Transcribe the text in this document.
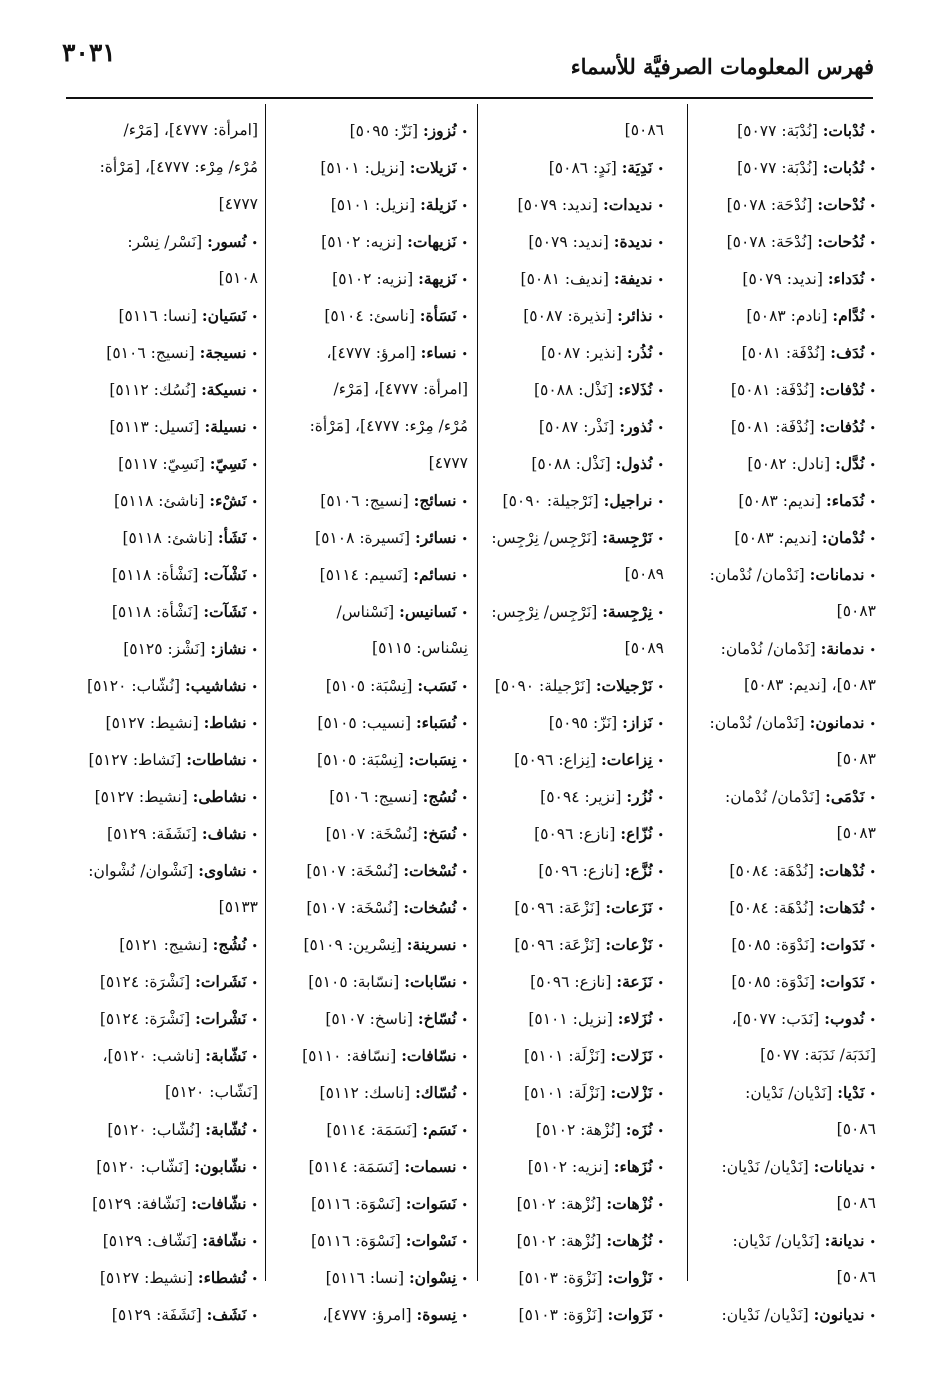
٣٠٣١	فهرس المعلومات الصرفيَّة للأسماء
•نُدْبات: [نُدْبَة: ٥٠٧٧]
•نُدُبات: [نُدْبَة: ٥٠٧٧]
•نُدْحات: [نُدْحَة: ٥٠٧٨]
•نُدُحات: [نُدْحَة: ٥٠٧٨]
•نُدَداء: [نديد: ٥٠٧٩]
•نُدَّام: [نادم: ٥٠٨٣]
•نُدَف: [نُدْفَة: ٥٠٨١]
•نُدْفات: [نُدْفَة: ٥٠٨١]
•نُدُفات: [نُدْفَة: ٥٠٨١]
•نُدَّل: [نادل: ٥٠٨٢]
•نُدَماء: [نديم: ٥٠٨٣]
•نُدْمان: [نديم: ٥٠٨٣]
•ندمانات: [نَدْمان/ نُدْمان:
٥٠٨٣]
•ندمانة: [نَدْمان/ نُدْمان:
٥٠٨٣]، [نديم: ٥٠٨٣]
•ندمانون: [نَدْمان/ نُدْمان:
٥٠٨٣]
•نَدْمَى: [نَدْمان/ نُدْمان:
٥٠٨٣]
•نُدْهات: [نُدْهَة: ٥٠٨٤]
•نُدَهات: [نُدْهَة: ٥٠٨٤]
•نَدَوات: [نَدْوَة: ٥٠٨٥]
•نَدَوات: [نَدْوَة: ٥٠٨٥]
•نُدوب: [نَدَب: ٥٠٧٧]،
[نَدَبَة/ نَدَبَة: ٥٠٧٧]
•نَدْيا: [نَدْيان/ نَدْيان:
٥٠٨٦]
•نديانات: [نَدْيان/ نَدْيان:
٥٠٨٦]
•نديانة: [نَدْيان/ نَدْيان:
٥٠٨٦]
•نديانون: [نَدْيان/ نَدْيان:
٥٠٨٦]
•نَدِيَة: [نَدٍ: ٥٠٨٦]
•نديدات: [نديد: ٥٠٧٩]
•نديدة: [نديد: ٥٠٧٩]
•نديفة: [نديف: ٥٠٨١]
•نذائر: [نذيرة: ٥٠٨٧]
•نُذُر: [نذير: ٥٠٨٧]
•نُذَلاء: [نَذْل: ٥٠٨٨]
•نُذور: [نَذْر: ٥٠٨٧]
•نُذول: [نَذْل: ٥٠٨٨]
•نراجيل: [نَرْجيلة: ٥٠٩٠]
•نَرْجِسة: [نَرْجِس/ نِرْجِس:
٥٠٨٩]
•نِرْجِسة: [نَرْجِس/ نِرْجِس:
٥٠٨٩]
•نَرْجيلات: [نَرْجيلة: ٥٠٩٠]
•نَزاز: [نَزّ: ٥٠٩٥]
•نِزاعات: [نِزاع: ٥٠٩٦]
•نُزُر: [نزير: ٥٠٩٤]
•نُزّاع: [نازع: ٥٠٩٦]
•نُزَّع: [نازع: ٥٠٩٦]
•نَزَعات: [نَزْعَة: ٥٠٩٦]
•نَزْعات: [نَزْعَة: ٥٠٩٦]
•نَزَعة: [نازع: ٥٠٩٦]
•نُزَلاء: [نزيل: ٥١٠١]
•نَزَلات: [نَزْلَة: ٥١٠١]
•نَزْلات: [نَزْلَة: ٥١٠١]
•نُزَه: [نُزْهة: ٥١٠٢]
•نُزَهاء: [نزيه: ٥١٠٢]
•نُزْهات: [نُزْهة: ٥١٠٢]
•نُزُهات: [نُزْهة: ٥١٠٢]
•نَزْوات: [نَزْوَة: ٥١٠٣]
•نَزَوات: [نَزْوَة: ٥١٠٣]
•نُزوز: [نَزّ: ٥٠٩٥]
•نَزيلات: [نزيل: ٥١٠١]
•نَزيلة: [نزيل: ٥١٠١]
•نَزيهات: [نزيه: ٥١٠٢]
•نَزيهة: [نزيه: ٥١٠٢]
•نَسَأة: [ناسئ: ٥١٠٤]
•نساء: [امرؤ: ٤٧٧٧]،
[امرأة: ٤٧٧٧]، [مَرْء/
مُرْء/ مِرْء: ٤٧٧٧]، [مَرْأة:
٤٧٧٧]
•نسائج: [نسيج: ٥١٠٦]
•نسائر: [نَسيرة: ٥١٠٨]
•نسائم: [نَسيم: ٥١١٤]
•نَسانيس: [نَسْناس/
نِسْناس: ٥١١٥]
•نَسَب: [نِسْبَة: ٥١٠٥]
•نُسَباء: [نسيب: ٥١٠٥]
•نِسَبات: [نِسْبَة: ٥١٠٥]
•نُسُج: [نسيج: ٥١٠٦]
•نُسَخ: [نُسْخَة: ٥١٠٧]
•نُسْخات: [نُسْخَة: ٥١٠٧]
•نُسُخات: [نُسْخَة: ٥١٠٧]
•نسرينة: [نِسْرين: ٥١٠٩]
•نسّابات: [نسّابة: ٥١٠٥]
•نُسّاخ: [ناسخ: ٥١٠٧]
•نسّافات: [نسّافة: ٥١١٠]
•نُسّاك: [ناسك: ٥١١٢]
•نَسَم: [نَسَمَة: ٥١١٤]
•نسمات: [نَسَمَة: ٥١١٤]
•نَسَوات: [نَسْوَة: ٥١١٦]
•نَسْوات: [نَسْوَة: ٥١١٦]
•نِسْوان: [نسا: ٥١١٦]
•نِسوة: [امرؤ: ٤٧٧٧]،
[امرأة: ٤٧٧٧]، [مَرْء/
مُرْء/ مِرْء: ٤٧٧٧]، [مَرْأة:
٤٧٧٧]
•نُسور: [نَسْر/ نِسْر:
٥١٠٨]
•نَسَيان: [نسا: ٥١١٦]
•نسيجة: [نسيج: ٥١٠٦]
•نسيكة: [نُسُك: ٥١١٢]
•نسيلة: [نَسيل: ٥١١٣]
•نَسِيّ: [نَسِيّ: ٥١١٧]
•نَشْء: [ناشئ: ٥١١٨]
•نَشَأ: [ناشئ: ٥١١٨]
•نَشْآت: [نَشْأة: ٥١١٨]
•نَشَآت: [نَشْأة: ٥١١٨]
•نشاز: [نَشْز: ٥١٢٥]
•نشاشيب: [نُشّاب: ٥١٢٠]
•نشاط: [نشيط: ٥١٢٧]
•نشاطات: [نَشاط: ٥١٢٧]
•نشاطى: [نشيط: ٥١٢٧]
•نشاف: [نَشَفَة: ٥١٢٩]
•نشاوى: [نَشْوان/ نُشْوان:
٥١٣٣]
•نُشُج: [نشيج: ٥١٢١]
•نَشَرات: [نَشْرَة: ٥١٢٤]
•نَشْرات: [نَشْرَة: ٥١٢٤]
•نَشّابة: [ناشب: ٥١٢٠]،
[نَشّاب: ٥١٢٠]
•نُشّابة: [نُشّاب: ٥١٢٠]
•نشّابون: [نَشّاب: ٥١٢٠]
•نشّافات: [نَشّافة: ٥١٢٩]
•نشّافة: [نَشّاف: ٥١٢٩]
•نُشطاء: [نشيط: ٥١٢٧]
•نَشَف: [نَشَفَة: ٥١٢٩]
